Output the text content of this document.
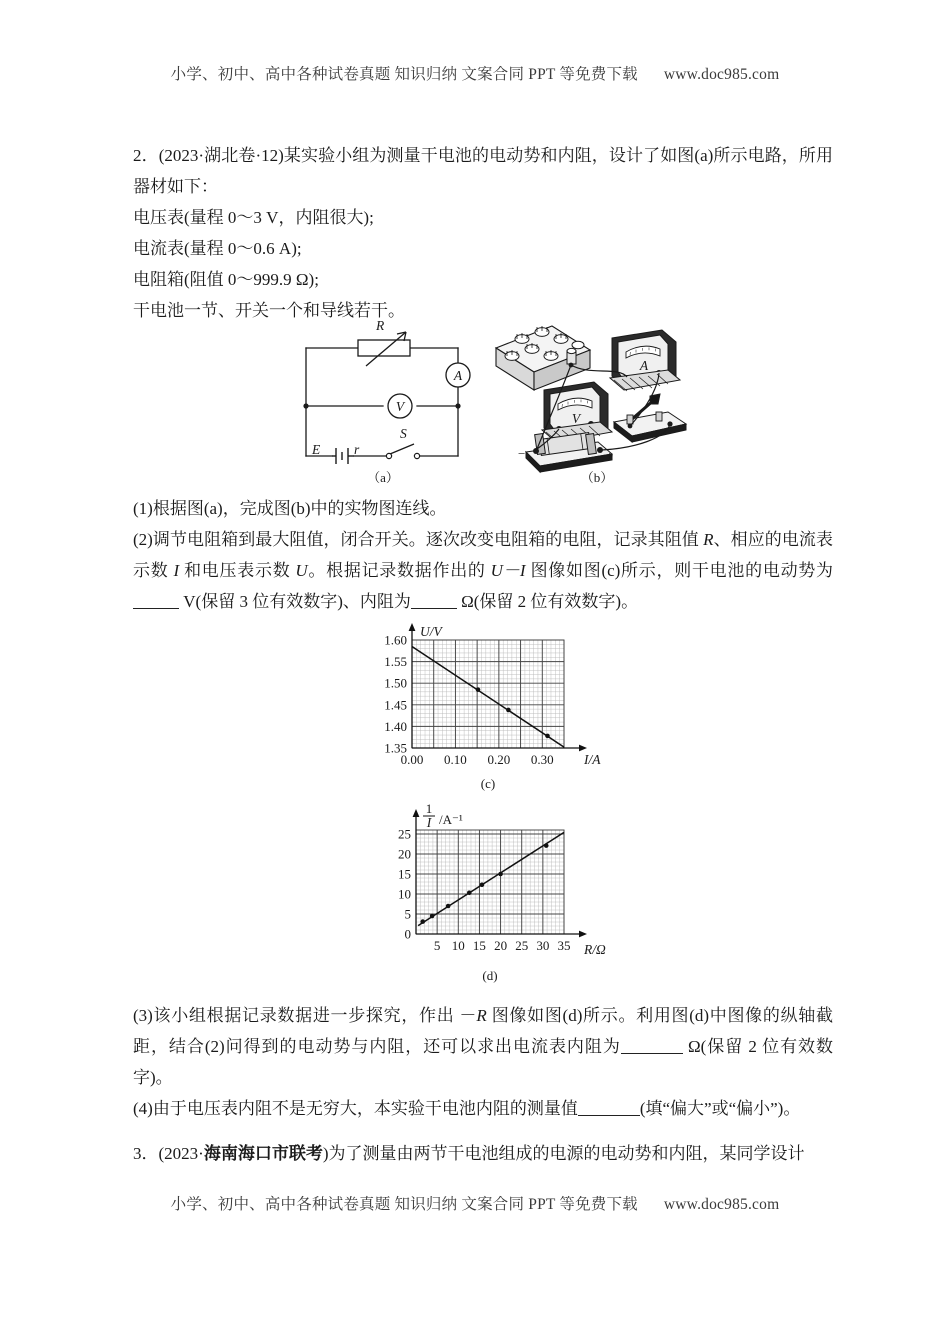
小学、初中、高中各种试卷真题 知识归纳 文案合同 PPT 等免费下载 www.doc985.com

2．(2023·湖北卷·12)某实验小组为测量干电池的电动势和内阻，设计了如图(a)所示电路，所用器材如下：

电压表(量程 0～3 V，内阻很大);

电流表(量程 0～0.6 A);

电阻箱(阻值 0～999.9 Ω);

干电池一节、开关一个和导线若干。

R
A
V
E	r
S
（a）
A
V
−	+
（b）

(1)根据图(a)，完成图(b)中的实物图连线。

(2)调节电阻箱到最大阻值，闭合开关。逐次改变电阻箱的电阻，记录其阻值 R、相应的电流表示数 I 和电压表示数 U。根据记录数据作出的 U－I 图像如图(c)所示，则干电池的电动势为 V(保留 3 位有效数字)、内阻为	Ω(保留 2 位有效数字)。

1.35
1.40
1.45
1.50
1.55
1.60
0.00 0.10 0.20 0.30
U/V
I/A
(c)
0
5
10
15
20
25
5 10 15 20 25 30 35
1
I /A⁻¹
R/Ω
(d)

(3)该小组根据记录数据进一步探究，作出 －R 图像如图(d)所示。利用图(d)中图像的纵轴截距，结合(2)问得到的电动势与内阻，还可以求出电流表内阻为	Ω(保留 2 位有效数字)。

(4)由于电压表内阻不是无穷大，本实验干电池内阻的测量值	(填“偏大”或“偏小”)。

3．(2023·海南海口市联考)为了测量由两节干电池组成的电源的电动势和内阻，某同学设计

小学、初中、高中各种试卷真题 知识归纳 文案合同 PPT 等免费下载 www.doc985.com
